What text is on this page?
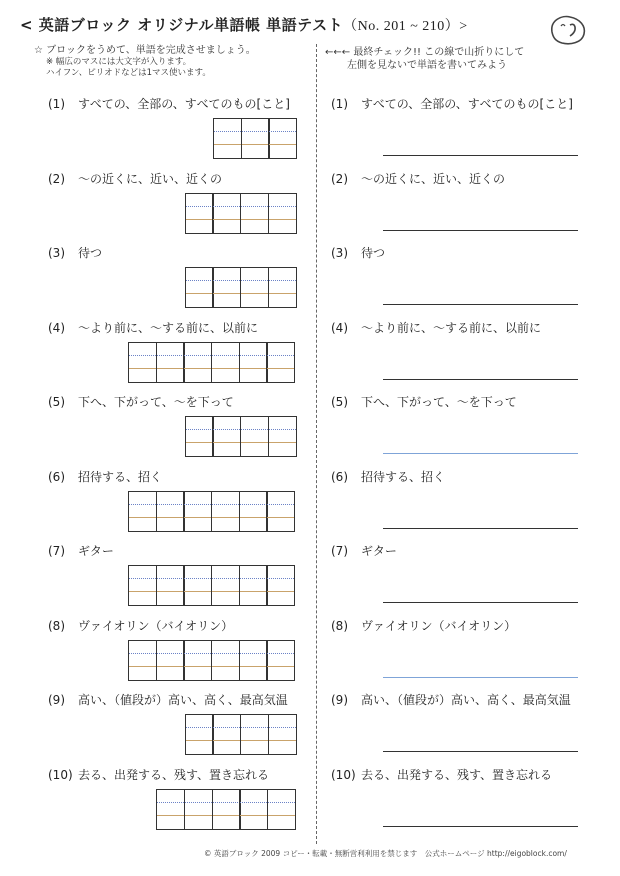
< 英語ブロック オリジナル単語帳 単語テスト（No. 201 ~ 210）>
☆ ブロックをうめて、単語を完成させましょう。
※ 幅広のマスには大文字が入ります。
ハイフン、ピリオドなどは1マス使います。
←←← 最終チェック!! この線で山折りにして
左側を見ないで単語を書いてみよう
(1) すべての、全部の、すべてのもの[こと]	(1) すべての、全部の、すべてのもの[こと]
(2) ～の近くに、近い、近くの	(2) ～の近くに、近い、近くの
(3) 待つ	(3) 待つ
(4) ～より前に、～する前に、以前に	(4) ～より前に、～する前に、以前に
(5) 下へ、下がって、～を下って	(5) 下へ、下がって、～を下って
(6) 招待する、招く	(6) 招待する、招く
(7) ギター	(7) ギター
(8) ヴァイオリン（バイオリン）	(8) ヴァイオリン（バイオリン）
(9) 高い、（値段が）高い、高く、最高気温	(9) 高い、（値段が）高い、高く、最高気温
(10) 去る、出発する、残す、置き忘れる	(10) 去る、出発する、残す、置き忘れる
© 英語ブロック 2009 コピー・転載・無断営利利用を禁じます　公式ホームページ http://eigoblock.com/
